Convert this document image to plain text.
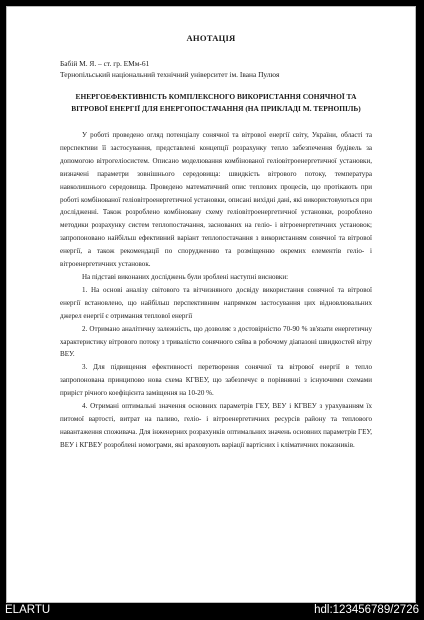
АНОТАЦІЯ
Бабій М. Я. – ст. гр. ЕМм-61
Тернопільський національний технічний університет ім. Івана Пулюя
ЕНЕРГОЕФЕКТИВНІСТЬ КОМПЛЕКСНОГО ВИКОРИСТАННЯ СОНЯЧНОЇ ТА ВІТРОВОЇ ЕНЕРГІЇ ДЛЯ ЕНЕРГОПОСТАЧАННЯ (НА ПРИКЛАДІ М. ТЕРНОПІЛЬ)

У роботі проведено огляд потенціалу сонячної та вітрової енергії світу, України, області та перспективи її застосування, представлені концепції розрахунку тепло забезпечення будівель за допомогою вітрогеліосистем. Описано моделювання комбінованої геліовітроенергетичної установки, визначені параметри зовнішнього середовища: швидкість вітрового потоку, температура навколишнього середовища. Проведено математичний опис теплових процесів, що протікають при роботі комбінованої геліовітроенергетичної установки, описані вихідні дані, які використовуються при дослідженні. Також розроблено комбіновану схему геліовітроенергетичної установки, розроблено методики розрахунку систем теплопостачання, заснованих на геліо- і вітроенергетичних установок; запропоновано найбільш ефективний варіант теплопостачання з використанням сонячної та вітрової енергії, а також рекомендації по спорудженню та розміщенню окремих елементів геліо- і вітроенергетичних установок.

На підставі виконаних досліджень були зроблені наступні висновки:

1. На основі аналізу світового та вітчизняного досвіду використання сонячної та вітрової енергії встановлено, що найбільш перспективним напрямком застосування цих відновлювальних джерел енергії є отримання теплової енергії

2. Отримано аналітичну залежність, що дозволяє з достовірністю 70-90 % зв'язати енергетичну характеристику вітрового потоку з тривалістю сонячного сяйва в робочому діапазоні швидкостей вітру ВЕУ.

3. Для підвищення ефективності перетворення сонячної та вітрової енергії в тепло запропонована принципово нова схема КГВЕУ, що забезпечує в порівнянні з існуючими схемами приріст річного коефіцієнта заміщення на 10-20 %.

4. Отримані оптимальні значення основних параметрів ГЕУ, ВЕУ і КГВЕУ з урахуванням їх питомої вартості, витрат на паливо, геліо- і вітроенергетичних ресурсів району та теплового навантаження споживача. Для інженерних розрахунків оптимальних значень основних параметрів ГЕУ, ВЕУ і КГВЕУ розроблені номограми, які враховують варіації вартісних і кліматичних показників.

ELARTU	hdl:123456789/2726
